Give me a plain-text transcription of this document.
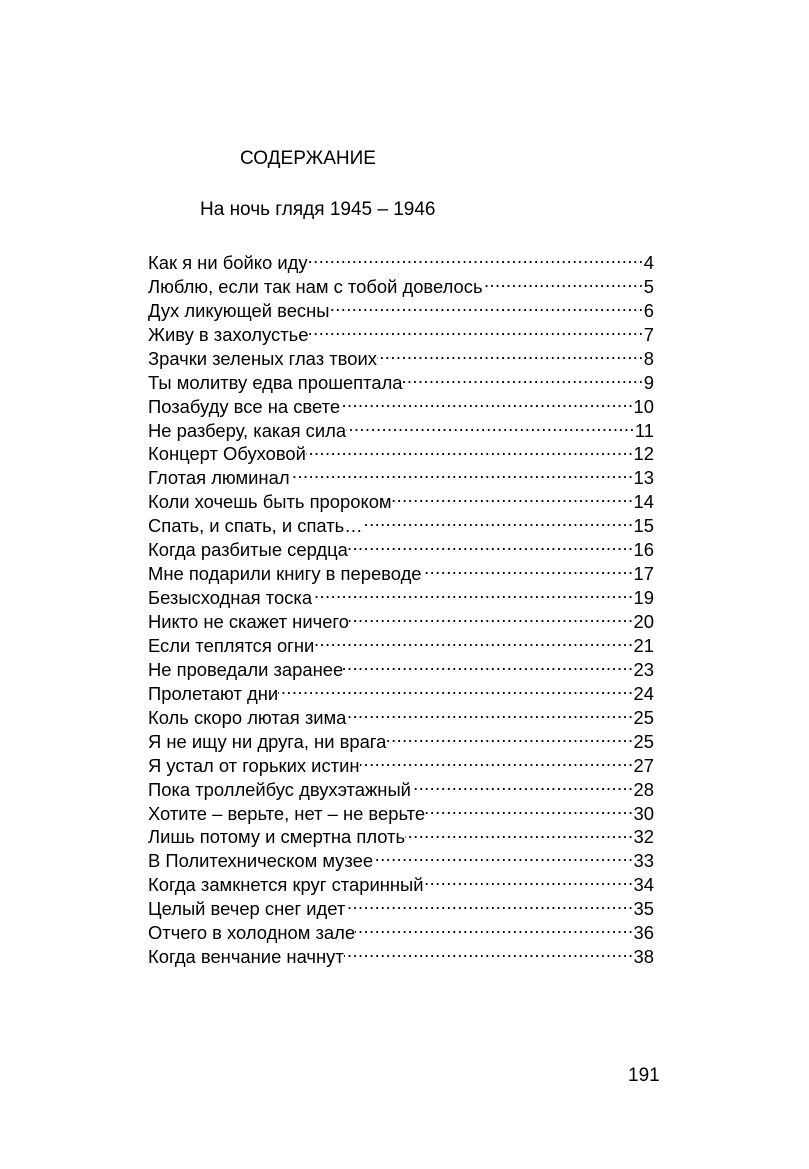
СОДЕРЖАНИЕ
На ночь глядя 1945 – 1946
Как я ни бойко иду .....	4
Люблю, если так нам с тобой довелось .....	5
Дух ликующей весны .....	6
Живу в захолустье .....	7
Зрачки зеленых глаз твоих .....	8
Ты молитву едва прошептала .....	9
Позабуду все на свете .....	10
Не разберу, какая сила .....	11
Концерт Обуховой .....	12
Глотая люминал .....	13
Коли хочешь быть пророком .....	14
Спать, и спать, и спать… .....	15
Когда разбитые сердца .....	16
Мне подарили книгу в переводе .....	17
Безысходная тоска .....	19
Никто не скажет ничего .....	20
Если теплятся огни .....	21
Не проведали заранее .....	23
Пролетают дни .....	24
Коль скоро лютая зима .....	25
Я не ищу ни друга, ни врага .....	25
Я устал от горьких истин .....	27
Пока троллейбус двухэтажный .....	28
Хотите – верьте, нет – не верьте .....	30
Лишь потому и смертна плоть .....	32
В Политехническом музее .....	33
Когда замкнется круг старинный .....	34
Целый вечер снег идет .....	35
Отчего в холодном зале .....	36
Когда венчание начнут .....	38
191
